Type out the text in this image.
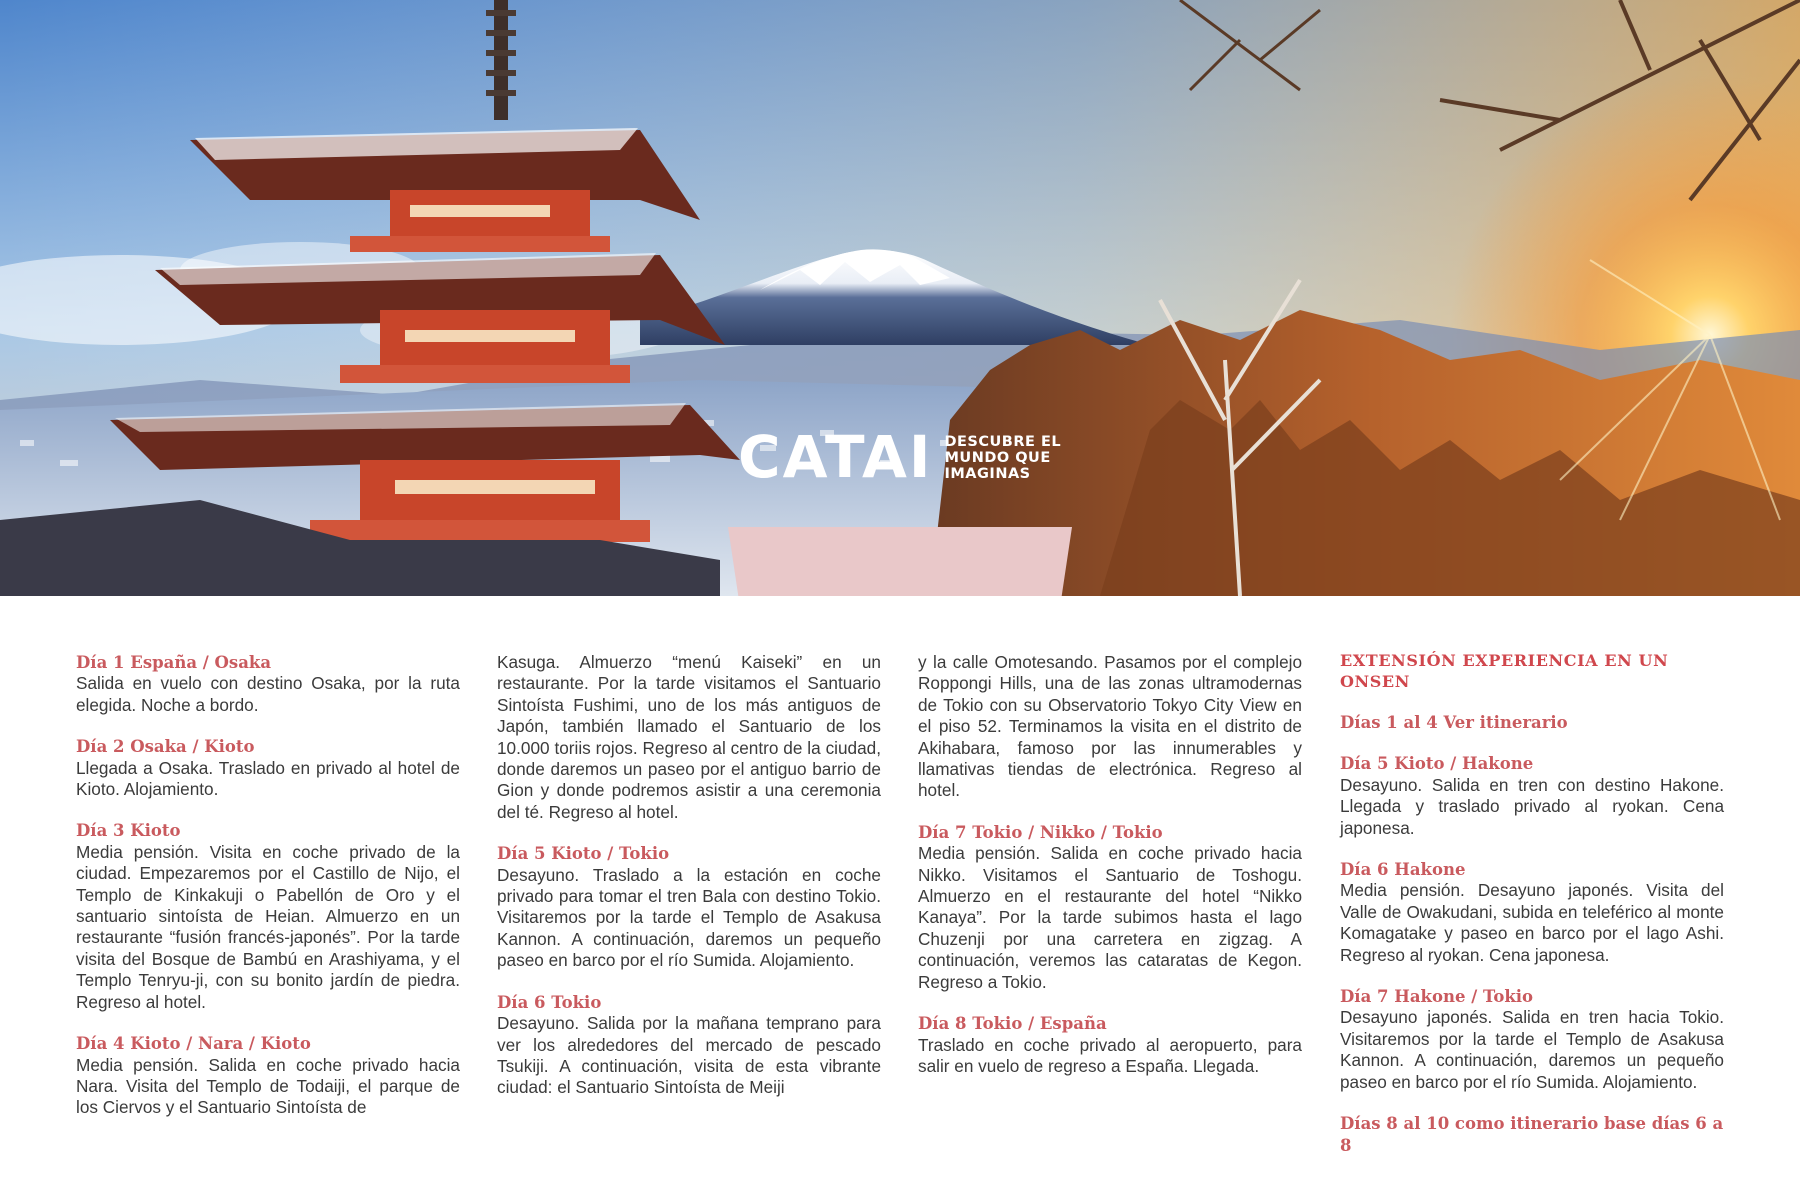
CATAI DESCUBRE EL
MUNDO QUE
IMAGINAS
Día 1 España / Osaka

Salida en vuelo con destino Osaka, por la ruta elegida. Noche a bordo.

Día 2 Osaka / Kioto

Llegada a Osaka. Traslado en privado al hotel de Kioto. Alojamiento.

Día 3 Kioto

Media pensión. Visita en coche privado de la ciudad. Empezaremos por el Castillo de Nijo, el Templo de Kinkakuji o Pabellón de Oro y el santuario sintoísta de Heian. Almuerzo en un restaurante “fusión francés-japonés”. Por la tarde visita del Bosque de Bambú en Arashiyama, y el Templo Tenryu-ji, con su bonito jardín de piedra. Regreso al hotel.

Día 4 Kioto / Nara / Kioto

Media pensión. Salida en coche privado hacia Nara. Visita del Templo de Todaiji, el parque de los Ciervos y el Santuario Sintoísta de

Kasuga. Almuerzo “menú Kaiseki” en un restaurante. Por la tarde visitamos el Santuario Sintoísta Fushimi, uno de los más antiguos de Japón, también llamado el Santuario de los 10.000 toriis rojos. Regreso al centro de la ciudad, donde daremos un paseo por el antiguo barrio de Gion y donde podremos asistir a una ceremonia del té. Regreso al hotel.

Día 5 Kioto / Tokio

Desayuno. Traslado a la estación en coche privado para tomar el tren Bala con destino Tokio. Visitaremos por la tarde el Templo de Asakusa Kannon. A continuación, daremos un pequeño paseo en barco por el río Sumida. Alojamiento.

Día 6 Tokio

Desayuno. Salida por la mañana temprano para ver los alrededores del mercado de pescado Tsukiji. A continuación, visita de esta vibrante ciudad: el Santuario Sintoísta de Meiji

y la calle Omotesando. Pasamos por el complejo Roppongi Hills, una de las zonas ultramodernas de Tokio con su Observatorio Tokyo City View en el piso 52. Terminamos la visita en el distrito de Akihabara, famoso por las innumerables y llamativas tiendas de electrónica. Regreso al hotel.

Día 7 Tokio / Nikko / Tokio

Media pensión. Salida en coche privado hacia Nikko. Visitamos el Santuario de Toshogu. Almuerzo en el restaurante del hotel “Nikko Kanaya”. Por la tarde subimos hasta el lago Chuzenji por una carretera en zigzag. A continuación, veremos las cataratas de Kegon. Regreso a Tokio.

Día 8 Tokio / España

Traslado en coche privado al aeropuerto, para salir en vuelo de regreso a España. Llegada.

EXTENSIÓN EXPERIENCIA EN UN ONSEN
Días 1 al 4 Ver itinerario
Día 5 Kioto / Hakone

Desayuno. Salida en tren con destino Hakone. Llegada y traslado privado al ryokan. Cena japonesa.

Día 6 Hakone

Media pensión. Desayuno japonés. Visita del Valle de Owakudani, subida en teleférico al monte Komagatake y paseo en barco por el lago Ashi. Regreso al ryokan. Cena japonesa.

Día 7 Hakone / Tokio

Desayuno japonés. Salida en tren hacia Tokio. Visitaremos por la tarde el Templo de Asakusa Kannon. A continuación, daremos un pequeño paseo en barco por el río Sumida. Alojamiento.

Días 8 al 10 como itinerario base días 6 a 8
